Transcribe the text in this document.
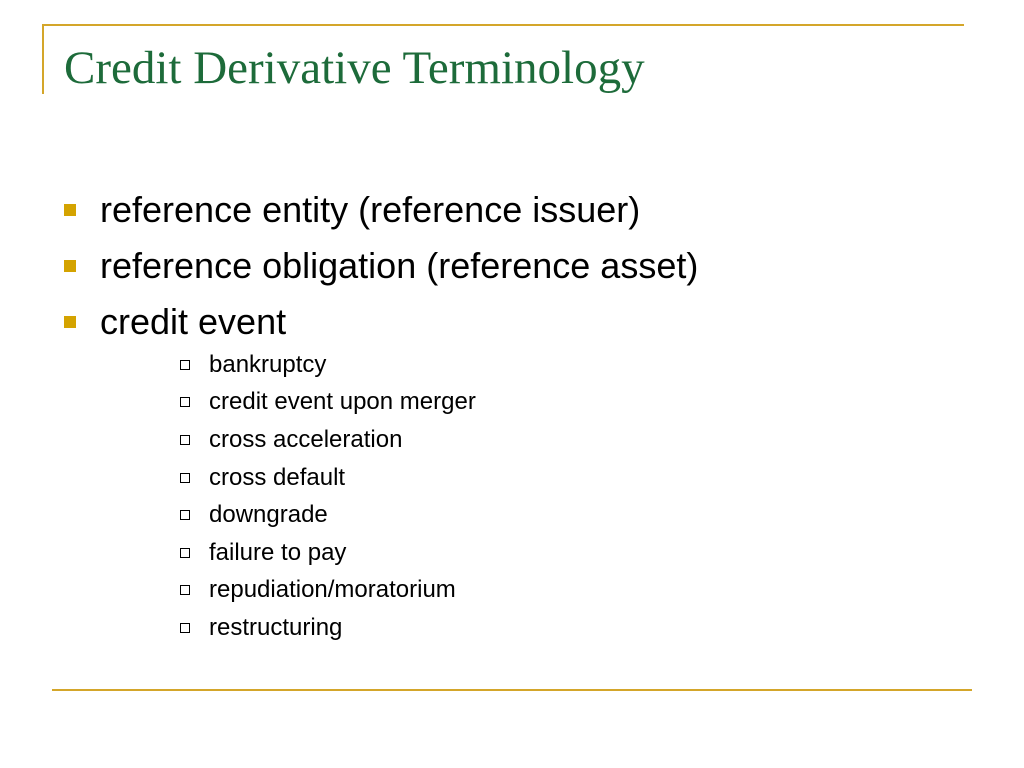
Credit Derivative Terminology
reference entity (reference issuer)
reference obligation (reference asset)
credit event
bankruptcy
credit event upon merger
cross acceleration
cross default
downgrade
failure to pay
repudiation/moratorium
restructuring
